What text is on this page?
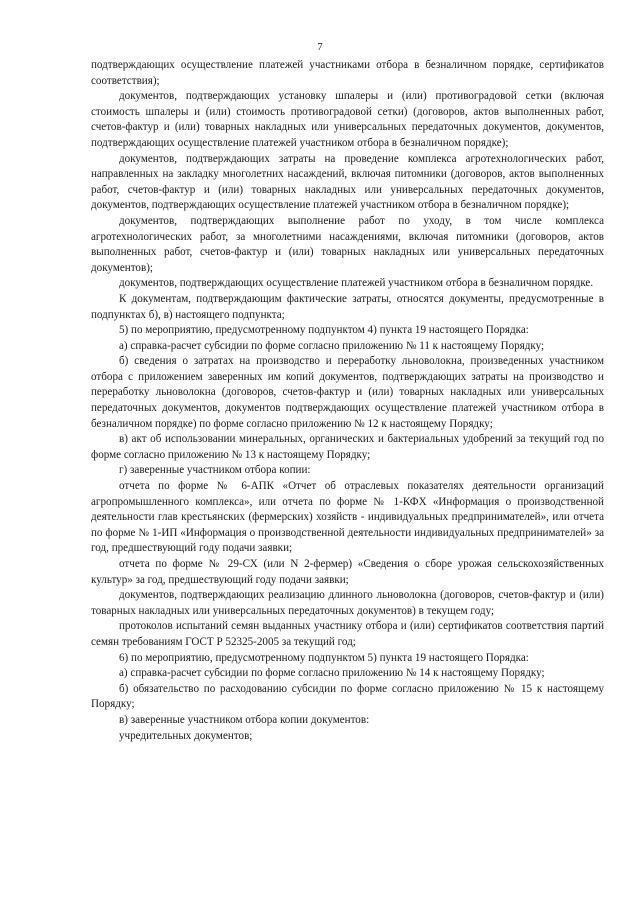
7

подтверждающих осуществление платежей участниками отбора в безналичном порядке, сертификатов соответствия);

документов, подтверждающих установку шпалеры и (или) противоградовой сетки (включая стоимость шпалеры и (или) стоимость противоградовой сетки) (договоров, актов выполненных работ, счетов-фактур и (или) товарных накладных или универсальных передаточных документов, документов, подтверждающих осуществление платежей участником отбора в безналичном порядке);

документов, подтверждающих затраты на проведение комплекса агротехнологических работ, направленных на закладку многолетних насаждений, включая питомники (договоров, актов выполненных работ, счетов-фактур и (или) товарных накладных или универсальных передаточных документов, документов, подтверждающих осуществление платежей участником отбора в безналичном порядке);

документов, подтверждающих выполнение работ по уходу, в том числе комплекса агротехнологических работ, за многолетними насаждениями, включая питомники (договоров, актов выполненных работ, счетов-фактур и (или) товарных накладных или универсальных передаточных документов);

документов, подтверждающих осуществление платежей участником отбора в безналичном порядке.

К документам, подтверждающим фактические затраты, относятся документы, предусмотренные в подпунктах б), в) настоящего подпункта;

5) по мероприятию, предусмотренному подпунктом 4) пункта 19 настоящего Порядка:

а) справка-расчет субсидии по форме согласно приложению № 11 к настоящему Порядку;

б) сведения о затратах на производство и переработку льноволокна, произведенных участником отбора с приложением заверенных им копий документов, подтверждающих затраты на производство и переработку льноволокна (договоров, счетов-фактур и (или) товарных накладных или универсальных передаточных документов, документов подтверждающих осуществление платежей участником отбора в безналичном порядке) по форме согласно приложению № 12 к настоящему Порядку;

в) акт об использовании минеральных, органических и бактериальных удобрений за текущий год по форме согласно приложению № 13 к настоящему Порядку;

г) заверенные участником отбора копии:

отчета по форме № 6-АПК «Отчет об отраслевых показателях деятельности организаций агропромышленного комплекса», или отчета по форме № 1-КФХ «Информация о производственной деятельности глав крестьянских (фермерских) хозяйств - индивидуальных предпринимателей», или отчета по форме № 1-ИП «Информация о производственной деятельности индивидуальных предпринимателей» за год, предшествующий году подачи заявки;

отчета по форме № 29-СХ (или N 2-фермер) «Сведения о сборе урожая сельскохозяйственных культур» за год, предшествующий году подачи заявки;

документов, подтверждающих реализацию длинного льноволокна (договоров, счетов-фактур и (или) товарных накладных или универсальных передаточных документов) в текущем году;

протоколов испытаний семян выданных участнику отбора и (или) сертификатов соответствия партий семян требованиям ГОСТ Р 52325-2005 за текущий год;

6) по мероприятию, предусмотренному подпунктом 5) пункта 19 настоящего Порядка:

а) справка-расчет субсидии по форме согласно приложению № 14 к настоящему Порядку;

б) обязательство по расходованию субсидии по форме согласно приложению № 15 к настоящему Порядку;

в) заверенные участником отбора копии документов:

учредительных документов;
